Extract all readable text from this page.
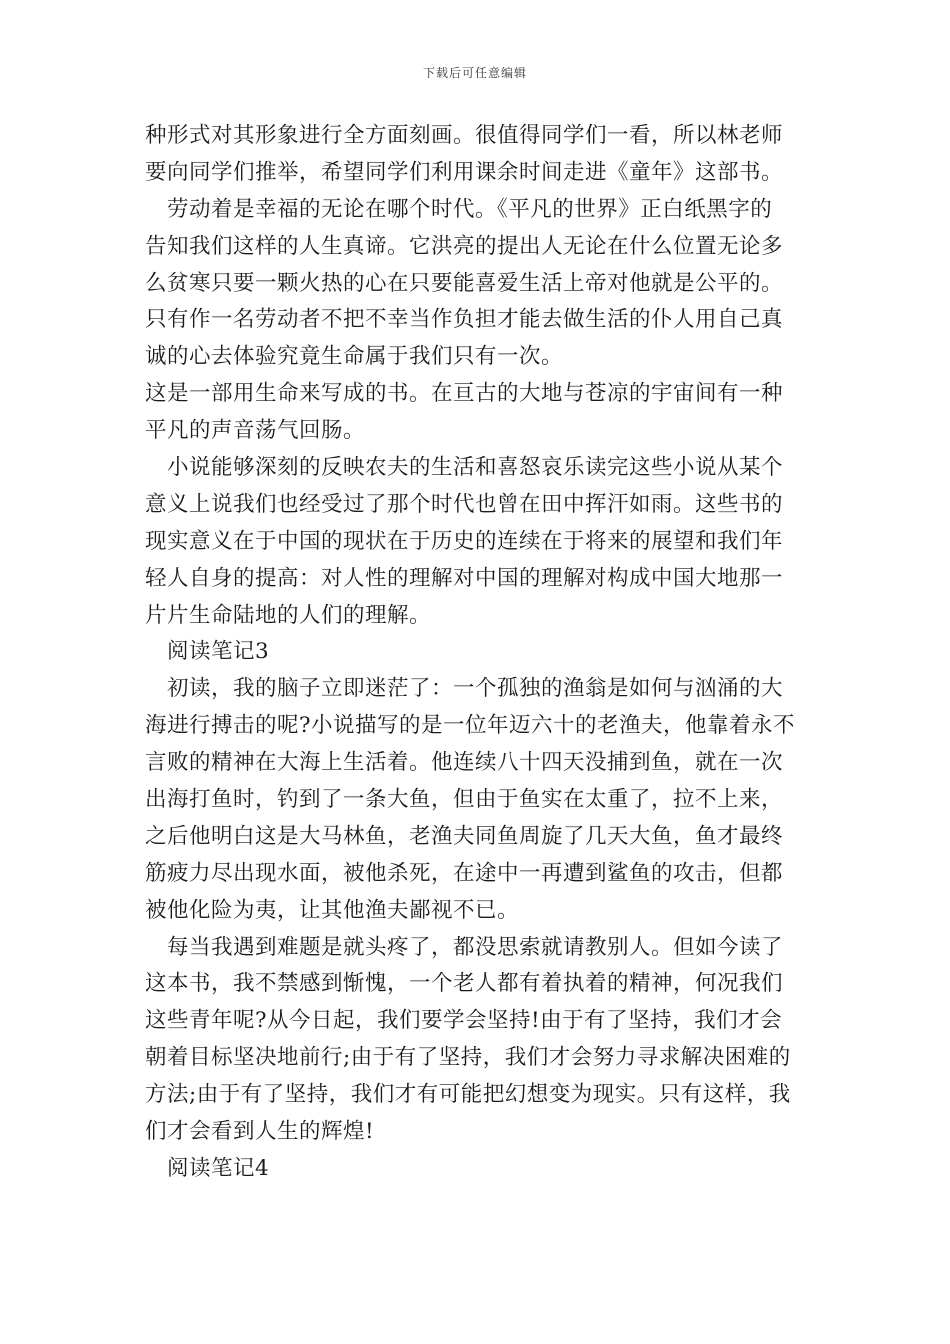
下载后可任意编辑
种形式对其形象进行全方面刻画。很值得同学们一看，所以林老师
要向同学们推举，希望同学们利用课余时间走进《童年》这部书。
劳动着是幸福的无论在哪个时代。《平凡的世界》正白纸黑字的
告知我们这样的人生真谛。它洪亮的提出人无论在什么位置无论多
么贫寒只要一颗火热的心在只要能喜爱生活上帝对他就是公平的。
只有作一名劳动者不把不幸当作负担才能去做生活的仆人用自己真
诚的心去体验究竟生命属于我们只有一次。
这是一部用生命来写成的书。在亘古的大地与苍凉的宇宙间有一种
平凡的声音荡气回肠。
小说能够深刻的反映农夫的生活和喜怒哀乐读完这些小说从某个
意义上说我们也经受过了那个时代也曾在田中挥汗如雨。这些书的
现实意义在于中国的现状在于历史的连续在于将来的展望和我们年
轻人自身的提高：对人性的理解对中国的理解对构成中国大地那一
片片生命陆地的人们的理解。
阅读笔记3
初读，我的脑子立即迷茫了：一个孤独的渔翁是如何与汹涌的大
海进行搏击的呢?小说描写的是一位年迈六十的老渔夫，他靠着永不
言败的精神在大海上生活着。他连续八十四天没捕到鱼，就在一次
出海打鱼时，钓到了一条大鱼，但由于鱼实在太重了，拉不上来，
之后他明白这是大马林鱼，老渔夫同鱼周旋了几天大鱼，鱼才最终
筋疲力尽出现水面，被他杀死，在途中一再遭到鲨鱼的攻击，但都
被他化险为夷，让其他渔夫鄙视不已。
每当我遇到难题是就头疼了，都没思索就请教别人。但如今读了
这本书，我不禁感到惭愧，一个老人都有着执着的精神，何况我们
这些青年呢?从今日起，我们要学会坚持!由于有了坚持，我们才会
朝着目标坚决地前行;由于有了坚持，我们才会努力寻求解决困难的
方法;由于有了坚持，我们才有可能把幻想变为现实。只有这样，我
们才会看到人生的辉煌!
阅读笔记4
